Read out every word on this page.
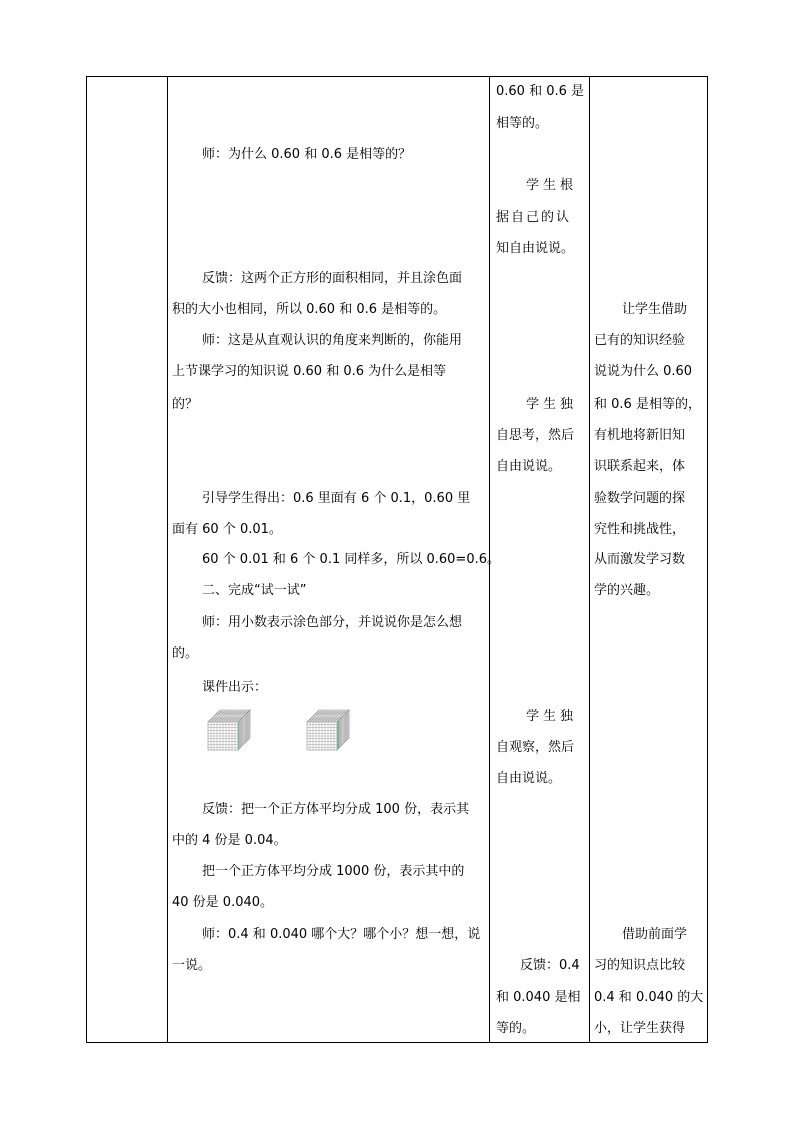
师：为什么 0.60 和 0.6 是相等的？
反馈：这两个正方形的面积相同，并且涂色面
积的大小也相同，所以 0.60 和 0.6 是相等的。
师：这是从直观认识的角度来判断的，你能用
上节课学习的知识说 0.60 和 0.6 为什么是相等
的？
引导学生得出：0.6 里面有 6 个 0.1，0.60 里
面有 60 个 0.01。
60 个 0.01 和 6 个 0.1 同样多，所以 0.60=0.6。
二、完成“试一试”
师：用小数表示涂色部分，并说说你是怎么想
的。
课件出示：
反馈：把一个正方体平均分成 100 份，表示其
中的 4 份是 0.04。
把一个正方体平均分成 1000 份，表示其中的
40 份是 0.040。
师：0.4 和 0.040 哪个大？哪个小？想一想，说
一说。
0.60 和 0.6 是
相等的。
学生根
据自己的认
知自由说说。
学生独
自思考，然后
自由说说。
学生独
自观察，然后
自由说说。
反馈：0.4
和 0.040 是相
等的。
让学生借助
已有的知识经验
说说为什么 0.60
和 0.6 是相等的，
有机地将新旧知
识联系起来，体
验数学问题的探
究性和挑战性，
从而激发学习数
学的兴趣。
借助前面学
习的知识点比较
0.4 和 0.040 的大
小，让学生获得
